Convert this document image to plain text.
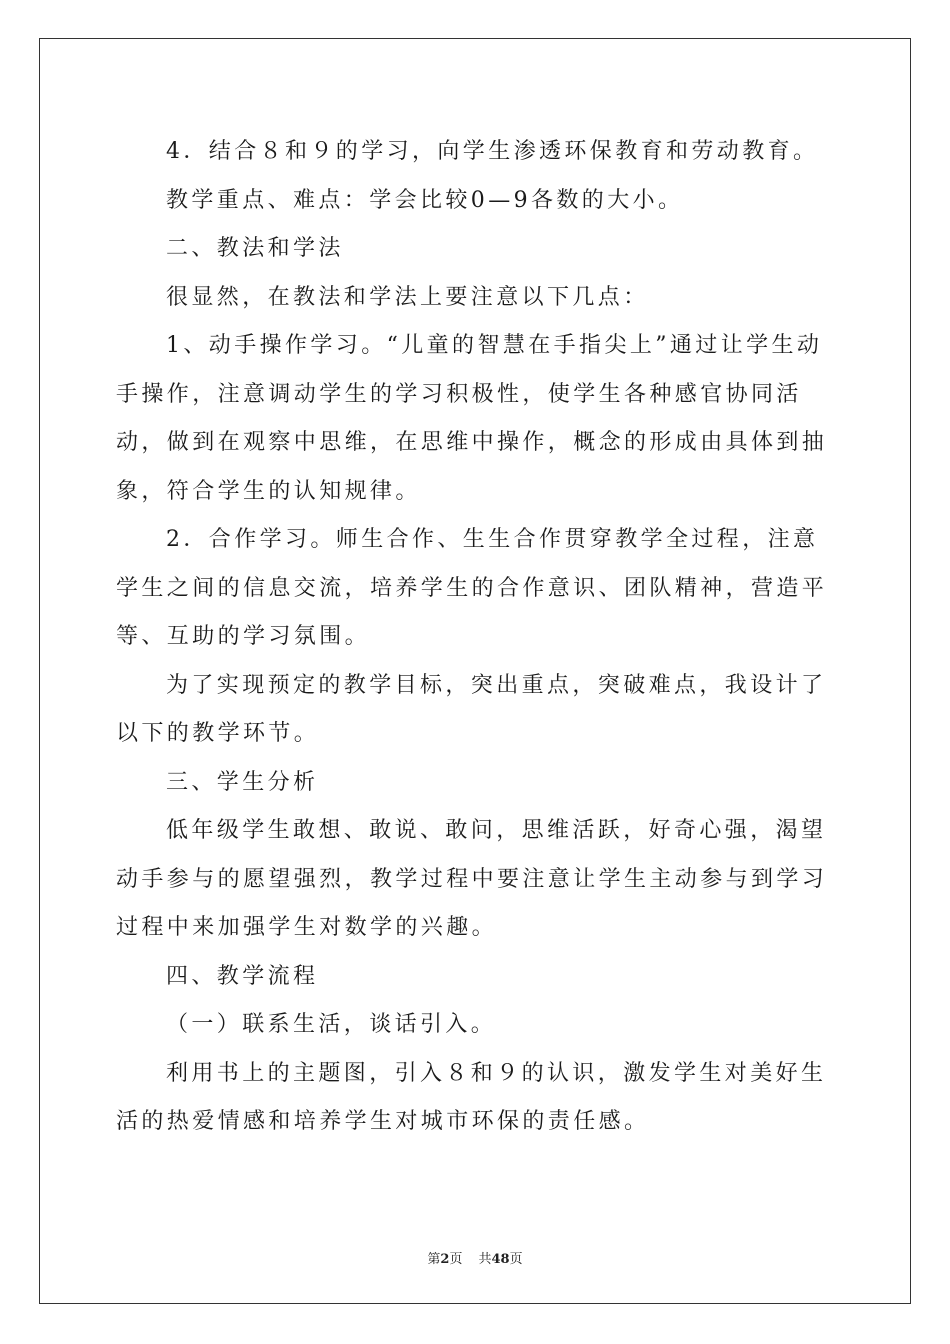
4．结合８和９的学习，向学生渗透环保教育和劳动教育。

教学重点、难点：学会比较0—9各数的大小。

二、教法和学法

很显然，在教法和学法上要注意以下几点：

1、动手操作学习。“儿童的智慧在手指尖上”通过让学生动手操作，注意调动学生的学习积极性，使学生各种感官协同活动，做到在观察中思维，在思维中操作，概念的形成由具体到抽象，符合学生的认知规律。

2．合作学习。师生合作、生生合作贯穿教学全过程，注意学生之间的信息交流，培养学生的合作意识、团队精神，营造平等、互助的学习氛围。

为了实现预定的教学目标，突出重点，突破难点，我设计了以下的教学环节。

三、学生分析

低年级学生敢想、敢说、敢问，思维活跃，好奇心强，渴望动手参与的愿望强烈，教学过程中要注意让学生主动参与到学习过程中来加强学生对数学的兴趣。

四、教学流程

（一）联系生活，谈话引入。

利用书上的主题图，引入８和９的认识，激发学生对美好生活的热爱情感和培养学生对城市环保的责任感。

第2页 共48页
